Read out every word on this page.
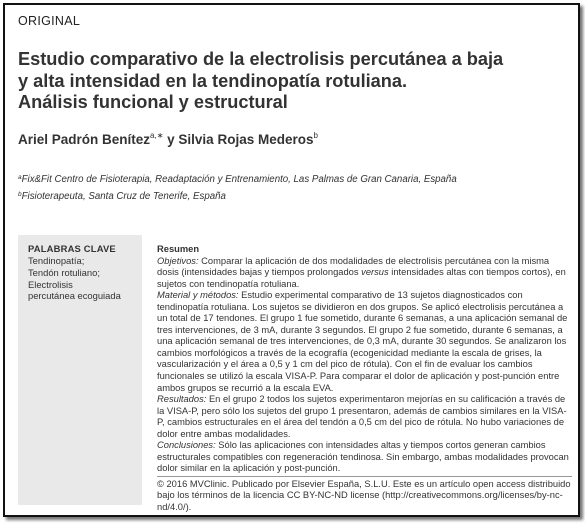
ORIGINAL
Estudio comparativo de la electrolisis percutánea a baja
y alta intensidad en la tendinopatía rotuliana.
Análisis funcional y estructural
Ariel Padrón Benítez$^{a,∗}$ y Silvia Rojas Mederos$^b$
$^a$Fix&Fit Centro de Fisioterapia, Readaptación y Entrenamiento, Las Palmas de Gran Canaria, España
$^b$Fisioterapeuta, Santa Cruz de Tenerife, España
PALABRAS CLAVE
Tendinopatía;
Tendón rotuliano;
Electrolisis
percutánea ecoguiada
Resumen

Objetivos: Comparar la aplicación de dos modalidades de electrolisis percutánea con la misma dosis (intensidades bajas y tiempos prolongados versus intensidades altas con tiempos cortos), en sujetos con tendinopatía rotuliana.

Material y métodos: Estudio experimental comparativo de 13 sujetos diagnosticados con tendinopatía rotuliana. Los sujetos se dividieron en dos grupos. Se aplicó electrolisis percutánea a un total de 17 tendones. El grupo 1 fue sometido, durante 6 semanas, a una aplicación semanal de tres intervenciones, de 3 mA, durante 3 segundos. El grupo 2 fue sometido, durante 6 semanas, a una aplicación semanal de tres intervenciones, de 0,3 mA, durante 30 segundos. Se analizaron los cambios morfológicos a través de la ecografía (ecogenicidad mediante la escala de grises, la vascularización y el área a 0,5 y 1 cm del pico de rótula). Con el fin de evaluar los cambios funcionales se utilizó la escala VISA-P. Para comparar el dolor de aplicación y post-punción entre ambos grupos se recurrió a la escala EVA.

Resultados: En el grupo 2 todos los sujetos experimentaron mejorías en su calificación a través de la VISA-P, pero sólo los sujetos del grupo 1 presentaron, además de cambios similares en la VISA-P, cambios estructurales en el área del tendón a 0,5 cm del pico de rótula. No hubo variaciones de dolor entre ambas modalidades.

Conclusiones: Sólo las aplicaciones con intensidades altas y tiempos cortos generan cambios estructurales compatibles con regeneración tendinosa. Sin embargo, ambas modalidades provocan dolor similar en la aplicación y post-punción.

© 2016 MVClinic. Publicado por Elsevier España, S.L.U. Este es un artículo open access distribuido bajo los términos de la licencia CC BY-NC-ND license (http://creativecommons.org/licenses/by-nc-nd/4.0/).
